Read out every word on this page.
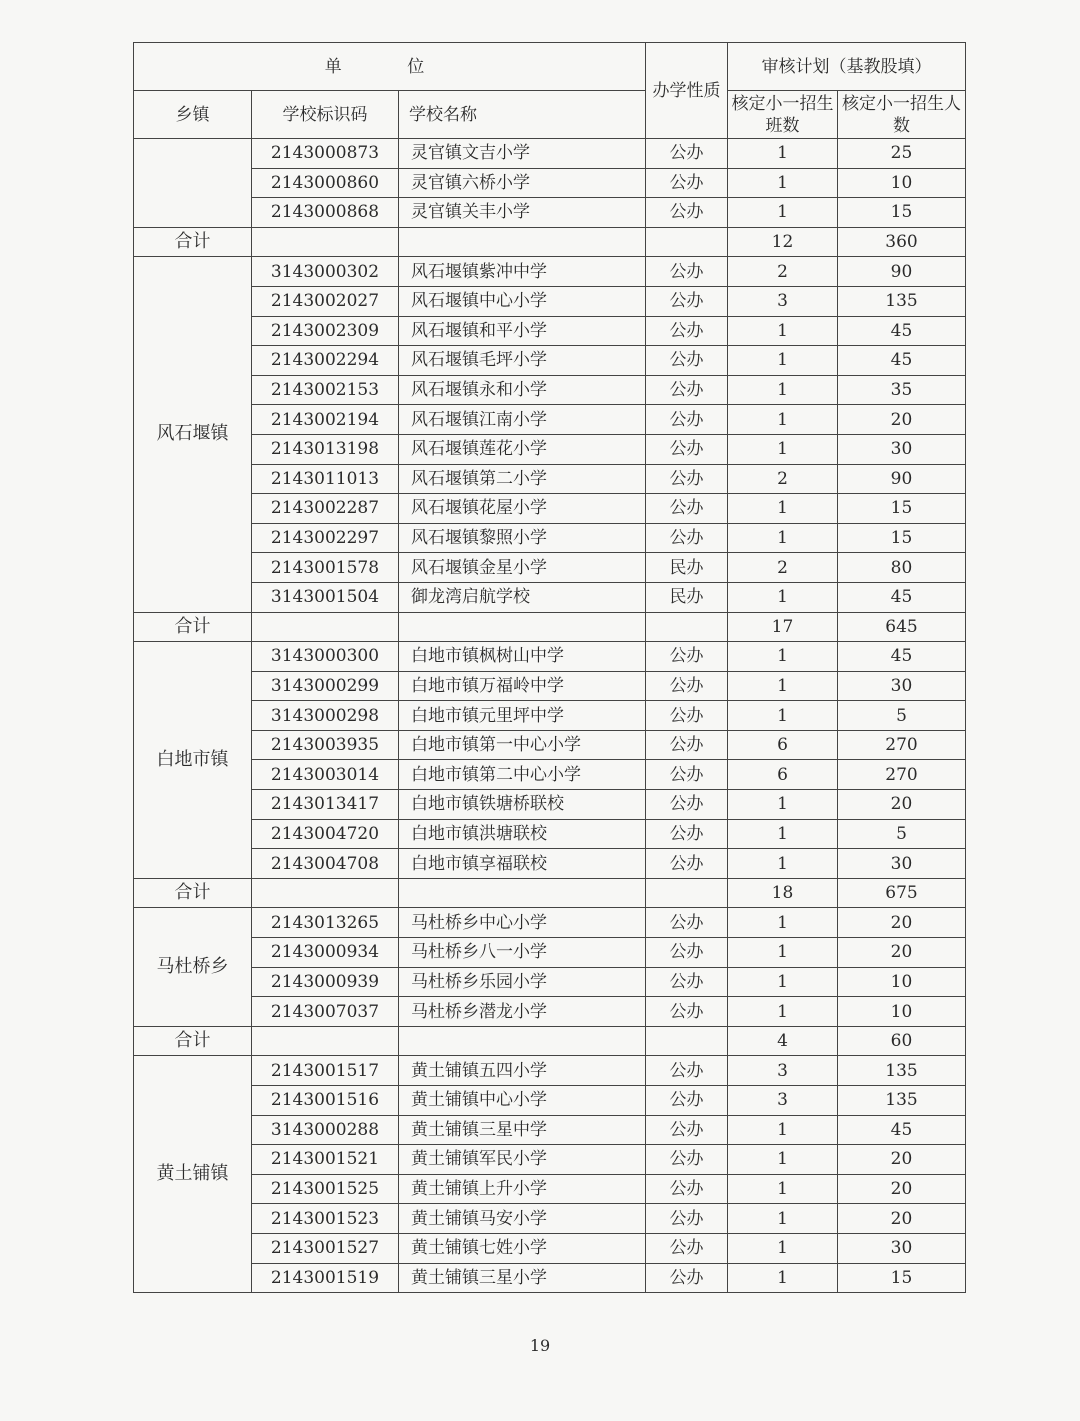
单 位			办学性质	审核计划（基教股填）	
乡镇	学校标识码	学校名称		核定小一招生班数	核定小一招生人数
	2143000873	灵官镇文吉小学	公办	1	25
	2143000860	灵官镇六桥小学	公办	1	10
	2143000868	灵官镇关丰小学	公办	1	15
合计				12	360
风石堰镇	3143000302	风石堰镇紫冲中学	公办	2	90
	2143002027	风石堰镇中心小学	公办	3	135
	2143002309	风石堰镇和平小学	公办	1	45
	2143002294	风石堰镇毛坪小学	公办	1	45
	2143002153	风石堰镇永和小学	公办	1	35
	2143002194	风石堰镇江南小学	公办	1	20
	2143013198	风石堰镇莲花小学	公办	1	30
	2143011013	风石堰镇第二小学	公办	2	90
	2143002287	风石堰镇花屋小学	公办	1	15
	2143002297	风石堰镇黎照小学	公办	1	15
	2143001578	风石堰镇金星小学	民办	2	80
	3143001504	御龙湾启航学校	民办	1	45
合计				17	645
白地市镇	3143000300	白地市镇枫树山中学	公办	1	45
	3143000299	白地市镇万福岭中学	公办	1	30
	3143000298	白地市镇元里坪中学	公办	1	5
	2143003935	白地市镇第一中心小学	公办	6	270
	2143003014	白地市镇第二中心小学	公办	6	270
	2143013417	白地市镇铁塘桥联校	公办	1	20
	2143004720	白地市镇洪塘联校	公办	1	5
	2143004708	白地市镇享福联校	公办	1	30
合计				18	675
马杜桥乡	2143013265	马杜桥乡中心小学	公办	1	20
	2143000934	马杜桥乡八一小学	公办	1	20
	2143000939	马杜桥乡乐园小学	公办	1	10
	2143007037	马杜桥乡潜龙小学	公办	1	10
合计				4	60
黄土铺镇	2143001517	黄土铺镇五四小学	公办	3	135
	2143001516	黄土铺镇中心小学	公办	3	135
	3143000288	黄土铺镇三星中学	公办	1	45
	2143001521	黄土铺镇军民小学	公办	1	20
	2143001525	黄土铺镇上升小学	公办	1	20
	2143001523	黄土铺镇马安小学	公办	1	20
	2143001527	黄土铺镇七姓小学	公办	1	30
	2143001519	黄土铺镇三星小学	公办	1	15
19
